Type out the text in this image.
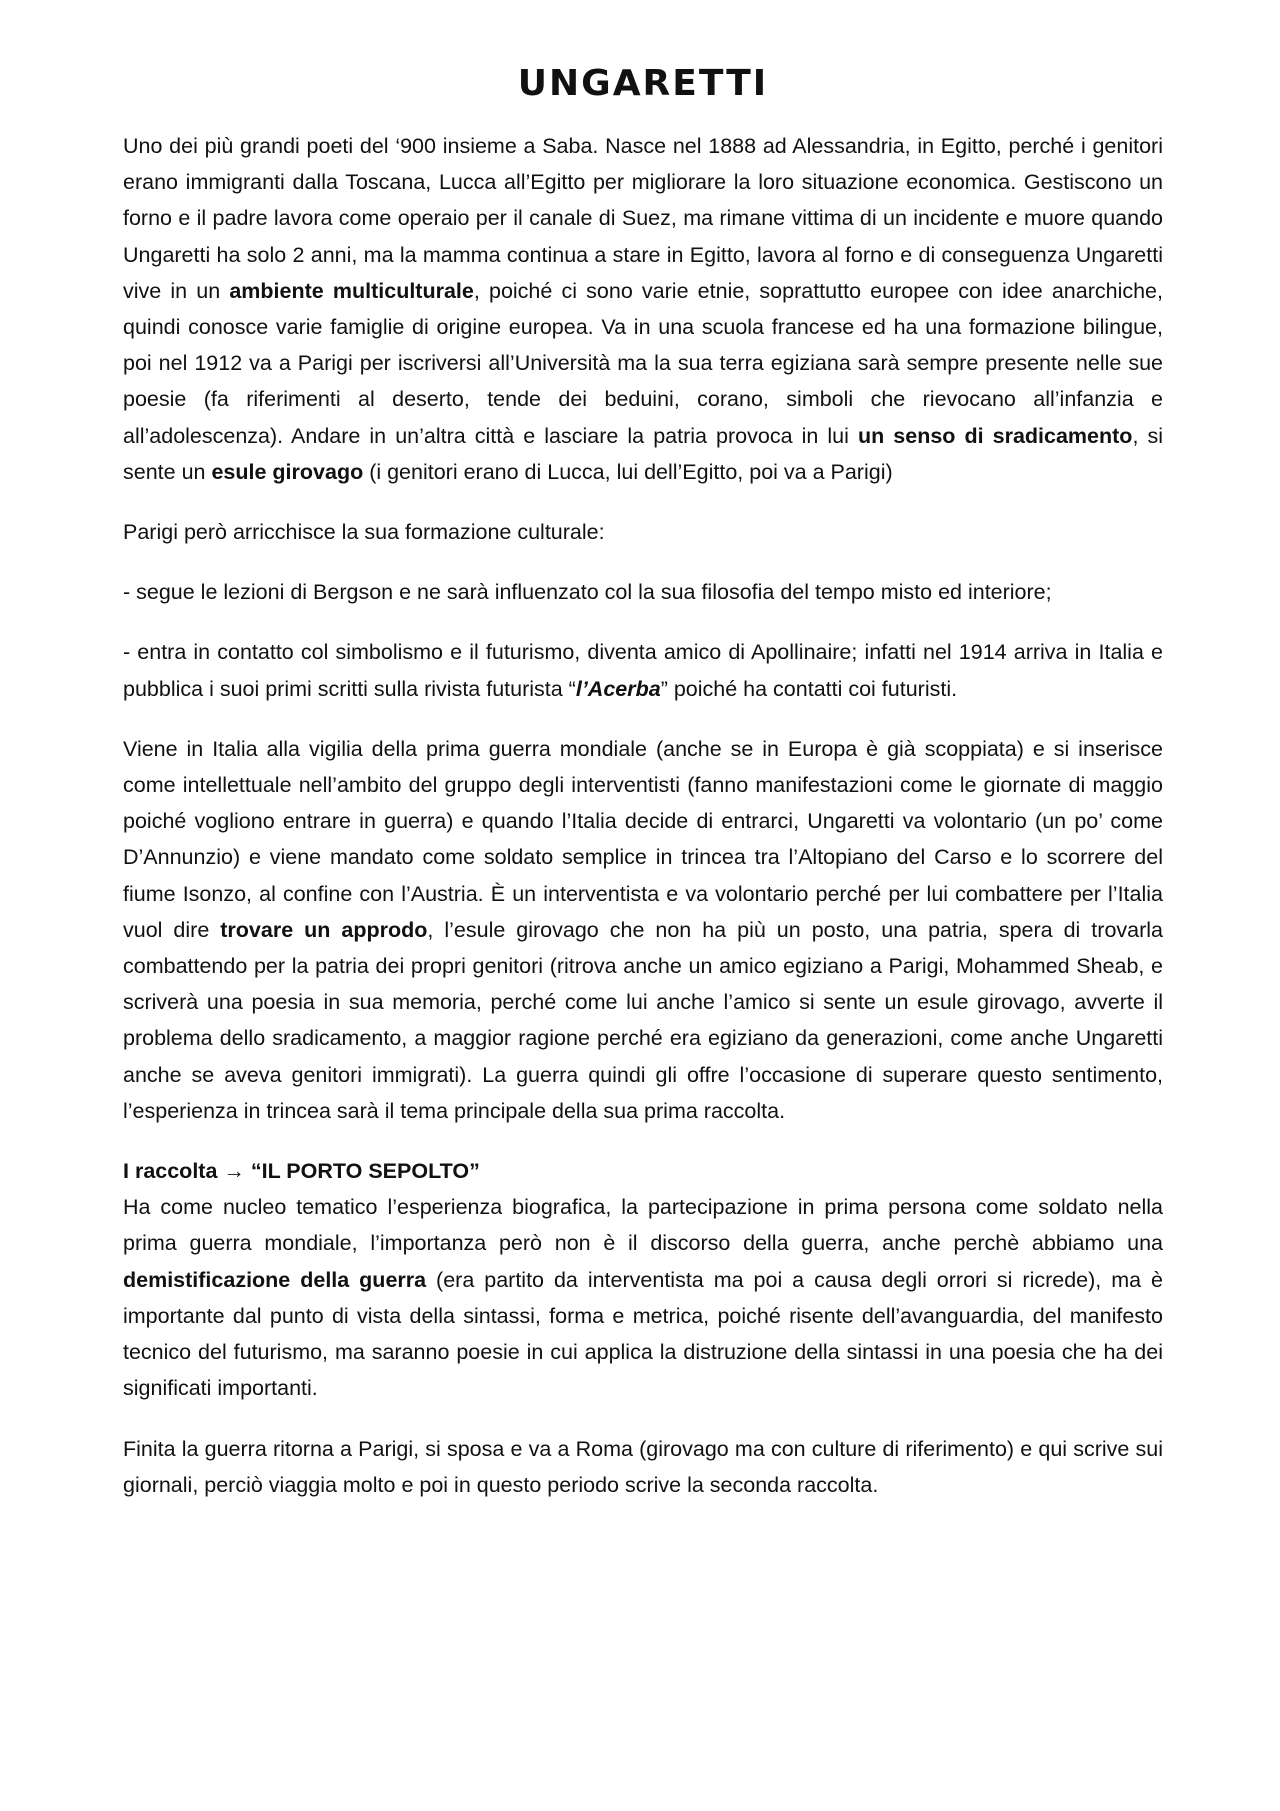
UNGARETTI

Uno dei più grandi poeti del ‘900 insieme a Saba. Nasce nel 1888 ad Alessandria, in Egitto, perché i genitori erano immigranti dalla Toscana, Lucca all’Egitto per migliorare la loro situazione economica. Gestiscono un forno e il padre lavora come operaio per il canale di Suez, ma rimane vittima di un incidente e muore quando Ungaretti ha solo 2 anni, ma la mamma continua a stare in Egitto, lavora al forno e di conseguenza Ungaretti vive in un ambiente multiculturale, poiché ci sono varie etnie, soprattutto europee con idee anarchiche, quindi conosce varie famiglie di origine europea. Va in una scuola francese ed ha una formazione bilingue, poi nel 1912 va a Parigi per iscriversi all’Università ma la sua terra egiziana sarà sempre presente nelle sue poesie (fa riferimenti al deserto, tende dei beduini, corano, simboli che rievocano all’infanzia e all’adolescenza). Andare in un’altra città e lasciare la patria provoca in lui un senso di sradicamento, si sente un esule girovago (i genitori erano di Lucca, lui dell’Egitto, poi va a Parigi)

Parigi però arricchisce la sua formazione culturale:

- segue le lezioni di Bergson e ne sarà influenzato col la sua filosofia del tempo misto ed interiore;

- entra in contatto col simbolismo e il futurismo, diventa amico di Apollinaire; infatti nel 1914 arriva in Italia e pubblica i suoi primi scritti sulla rivista futurista “l’Acerba” poiché ha contatti coi futuristi.

Viene in Italia alla vigilia della prima guerra mondiale (anche se in Europa è già scoppiata) e si inserisce come intellettuale nell’ambito del gruppo degli interventisti (fanno manifestazioni come le giornate di maggio poiché vogliono entrare in guerra) e quando l’Italia decide di entrarci, Ungaretti va volontario (un po’ come D’Annunzio) e viene mandato come soldato semplice in trincea tra l’Altopiano del Carso e lo scorrere del fiume Isonzo, al confine con l’Austria. È un interventista e va volontario perché per lui combattere per l’Italia vuol dire trovare un approdo, l’esule girovago che non ha più un posto, una patria, spera di trovarla combattendo per la patria dei propri genitori (ritrova anche un amico egiziano a Parigi, Mohammed Sheab, e scriverà una poesia in sua memoria, perché come lui anche l’amico si sente un esule girovago, avverte il problema dello sradicamento, a maggior ragione perché era egiziano da generazioni, come anche Ungaretti anche se aveva genitori immigrati). La guerra quindi gli offre l’occasione di superare questo sentimento, l’esperienza in trincea sarà il tema principale della sua prima raccolta.

I raccolta → “IL PORTO SEPOLTO”

Ha come nucleo tematico l’esperienza biografica, la partecipazione in prima persona come soldato nella prima guerra mondiale, l’importanza però non è il discorso della guerra, anche perchè abbiamo una demistificazione della guerra (era partito da interventista ma poi a causa degli orrori si ricrede), ma è importante dal punto di vista della sintassi, forma e metrica, poiché risente dell’avanguardia, del manifesto tecnico del futurismo, ma saranno poesie in cui applica la distruzione della sintassi in una poesia che ha dei significati importanti.

Finita la guerra ritorna a Parigi, si sposa e va a Roma (girovago ma con culture di riferimento) e qui scrive sui giornali, perciò viaggia molto e poi in questo periodo scrive la seconda raccolta.
